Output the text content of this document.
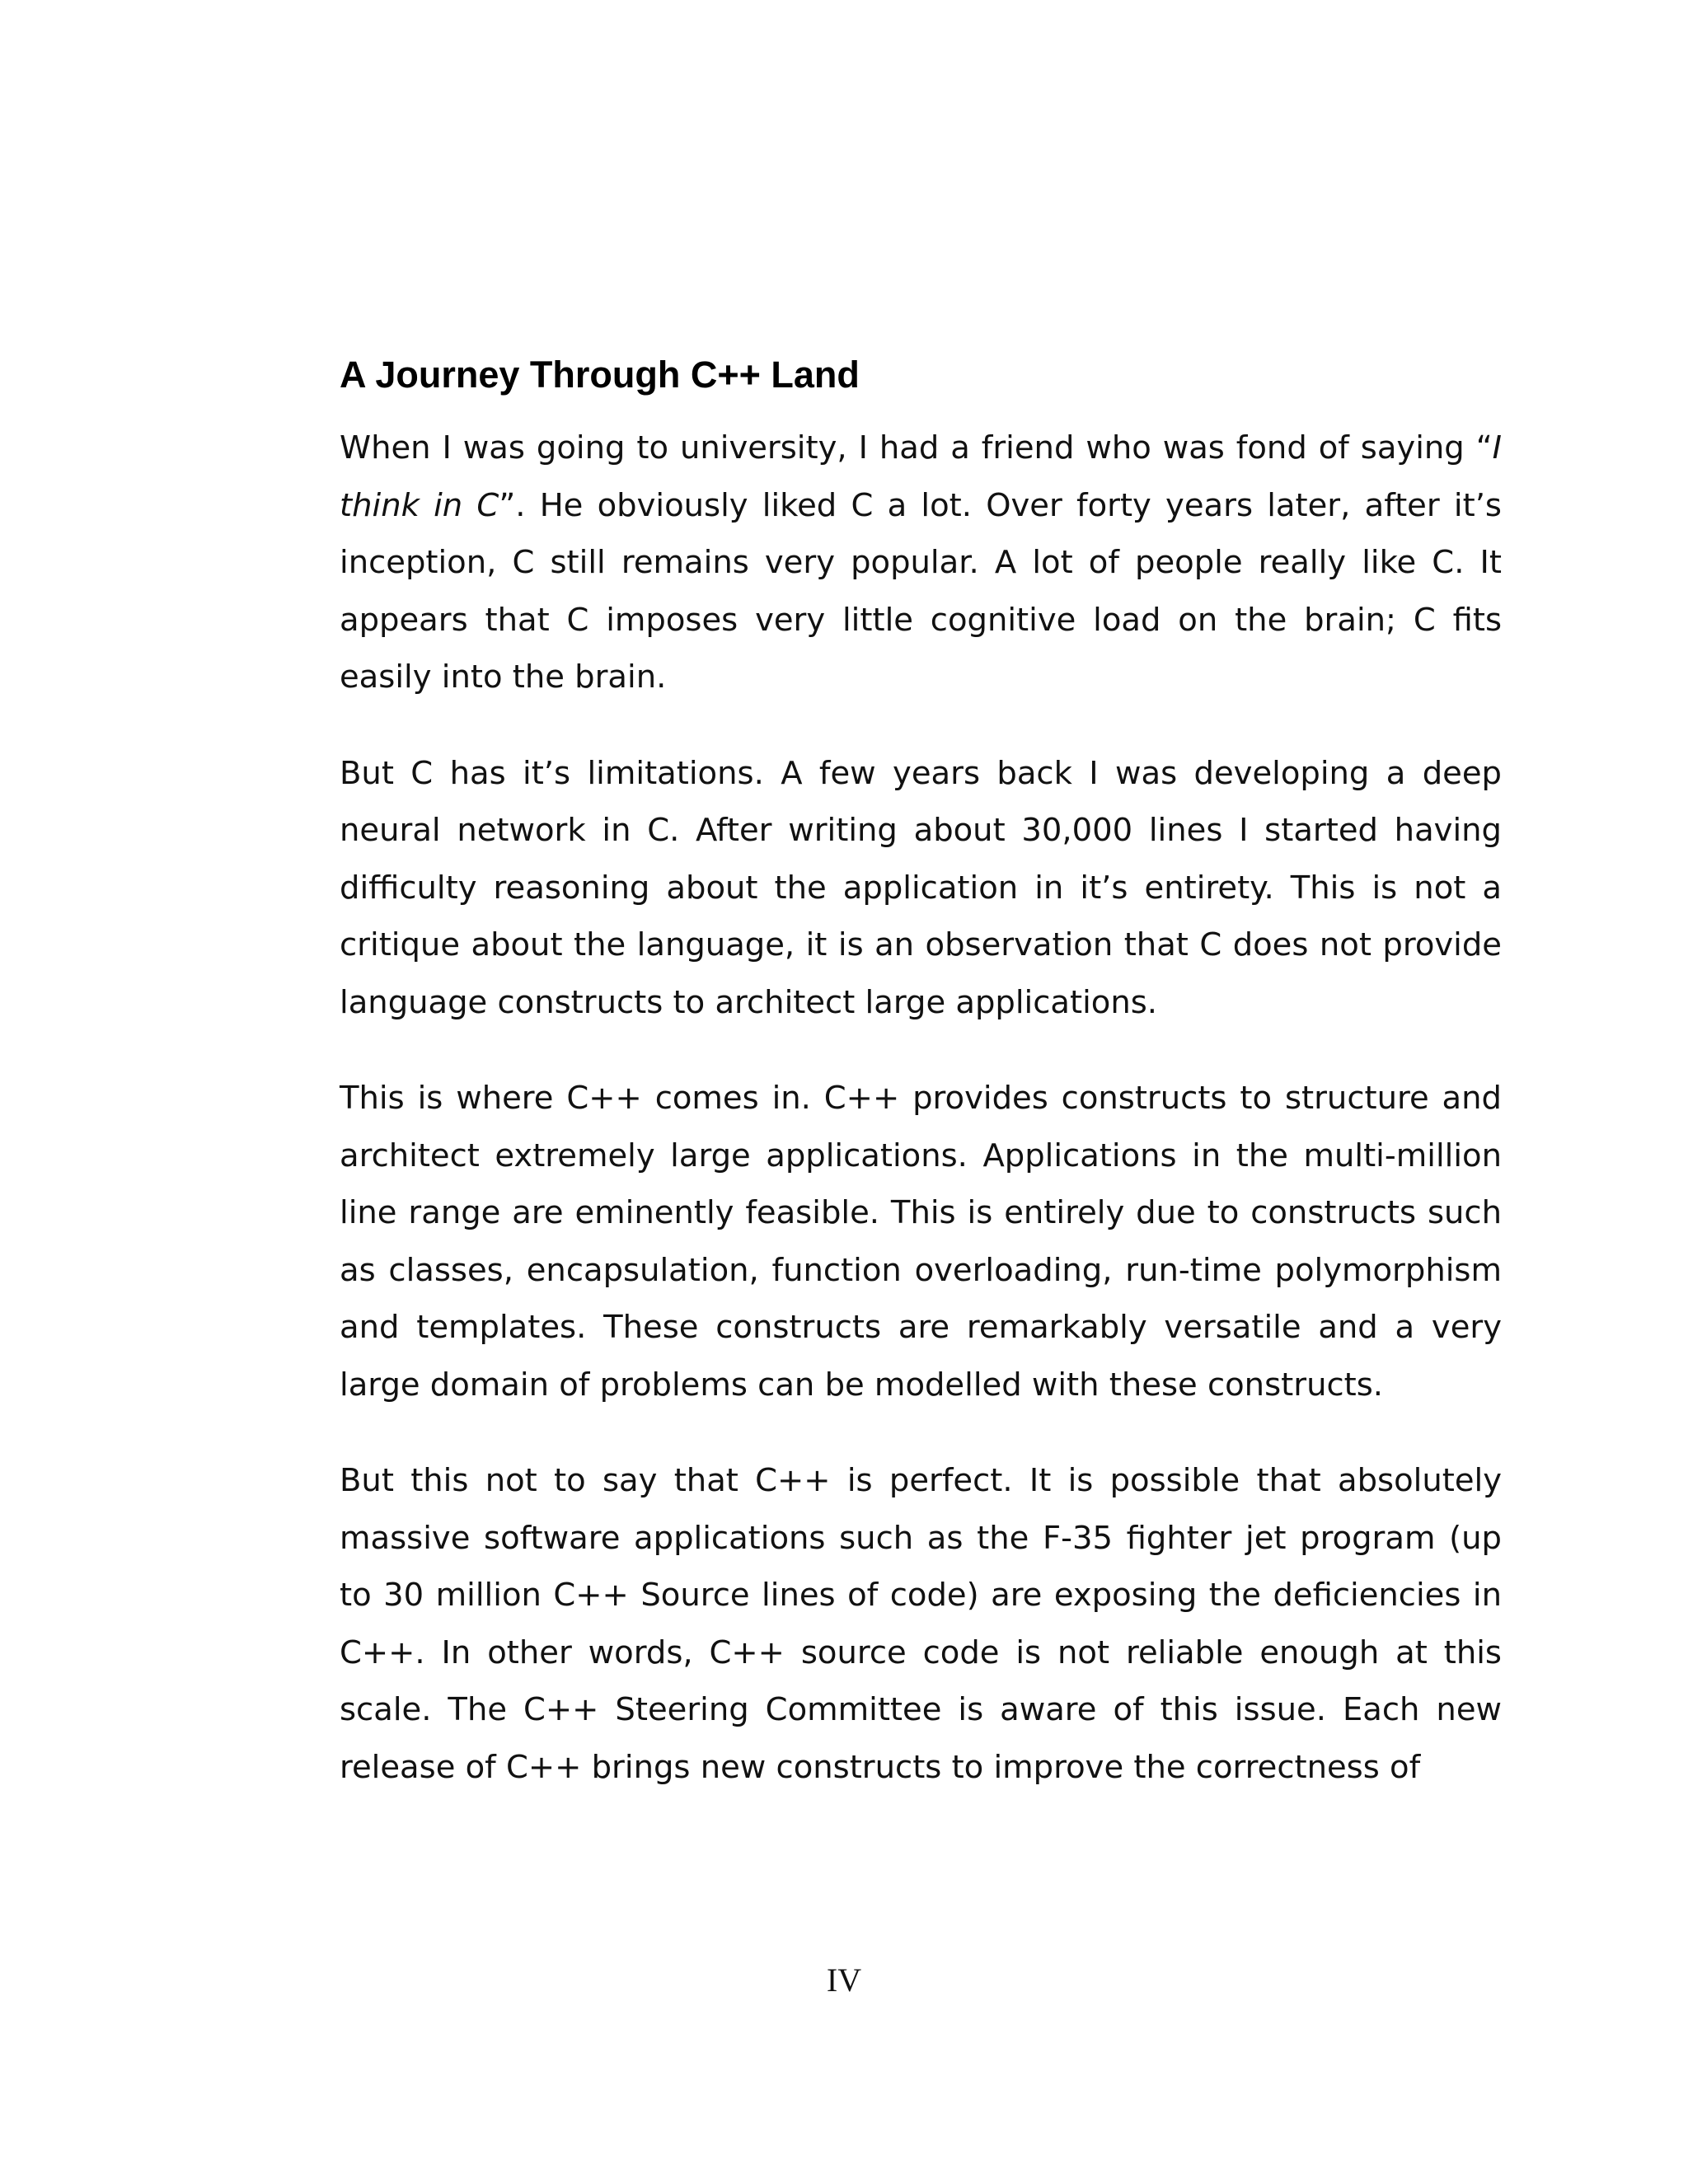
A Journey Through C++ Land

When I was going to university, I had a friend who was fond of saying “I think in C”. He obviously liked C a lot. Over forty years later, after it’s inception, C still remains very popular. A lot of people really like C. It appears that C imposes very little cognitive load on the brain; C fits easily into the brain.

But C has it’s limitations. A few years back I was developing a deep neural network in C. After writing about 30,000 lines I started having difficulty reasoning about the application in it’s entirety. This is not a critique about the language, it is an observation that C does not provide language constructs to architect large applications.

This is where C++ comes in. C++ provides constructs to structure and architect extremely large applications. Applications in the multi-million line range are eminently feasible. This is entirely due to constructs such as classes, encapsulation, function overloading, run-time polymorphism and templates. These constructs are remarkably versatile and a very large domain of problems can be modelled with these constructs.

But this not to say that C++ is perfect. It is possible that absolutely massive software applications such as the F-35 fighter jet program (up to 30 million C++ Source lines of code) are exposing the deficiencies in C++. In other words, C++ source code is not reliable enough at this scale. The C++ Steering Committee is aware of this issue. Each new release of C++ brings new constructs to improve the correctness of

IV
